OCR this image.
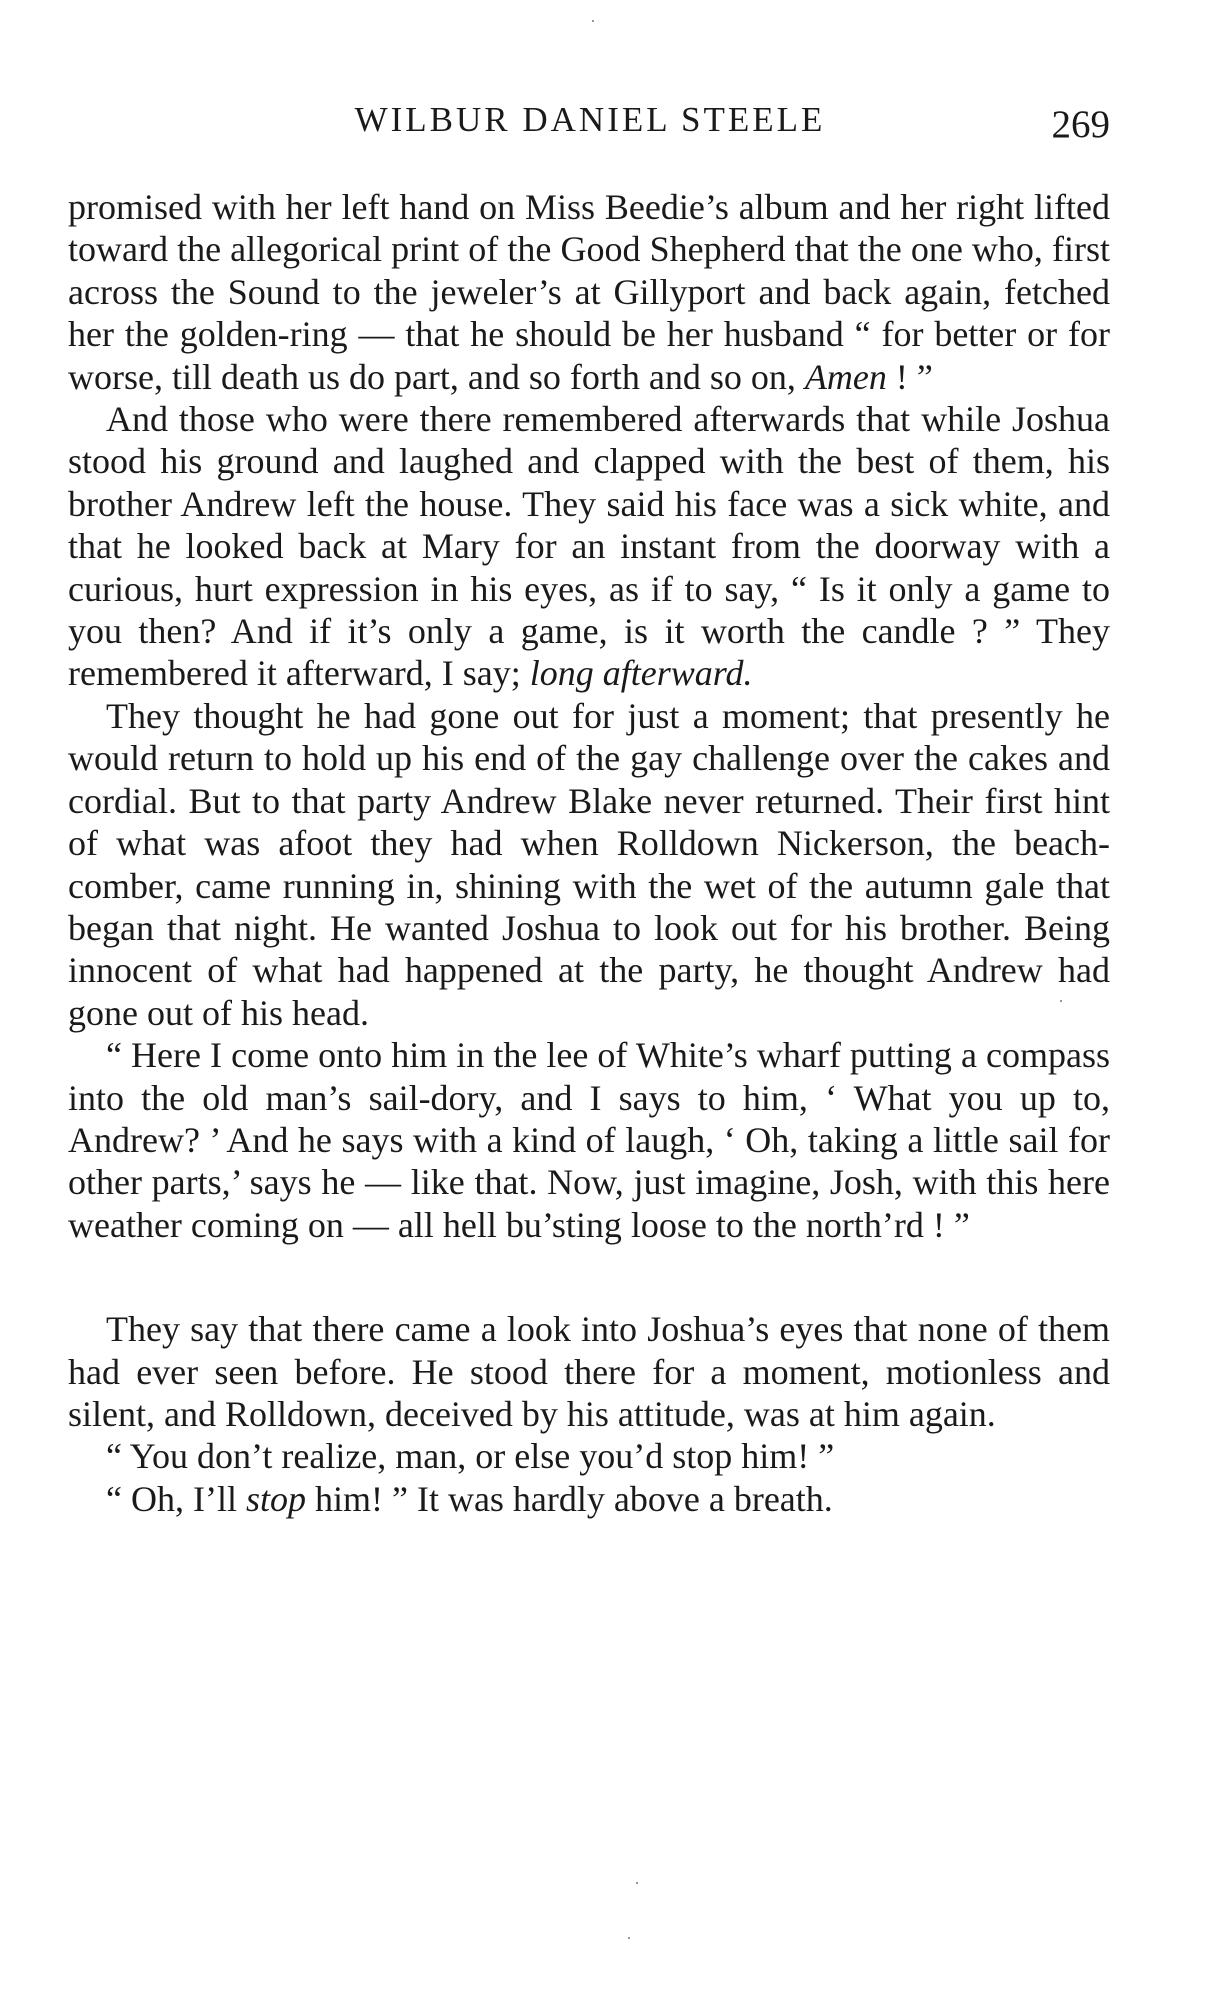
WILBUR DANIEL STEELE	269

promised with her left hand on Miss Beedie’s album and her right lifted toward the allegorical print of the Good Shepherd that the one who, first across the Sound to the jeweler’s at Gillyport and back again, fetched her the golden-ring — that he should be her husband “ for better or for worse, till death us do part, and so forth and so on, Amen ! ”

And those who were there remembered afterwards that while Joshua stood his ground and laughed and clapped with the best of them, his brother Andrew left the house. They said his face was a sick white, and that he looked back at Mary for an instant from the doorway with a curious, hurt expression in his eyes, as if to say, “ Is it only a game to you then? And if it’s only a game, is it worth the candle ? ” They remembered it afterward, I say; long afterward.

They thought he had gone out for just a moment; that presently he would return to hold up his end of the gay challenge over the cakes and cordial. But to that party Andrew Blake never returned. Their first hint of what was afoot they had when Rolldown Nickerson, the beach-comber, came running in, shining with the wet of the autumn gale that began that night. He wanted Joshua to look out for his brother. Being innocent of what had happened at the party, he thought Andrew had gone out of his head.

“ Here I come onto him in the lee of White’s wharf putting a compass into the old man’s sail-dory, and I says to him, ‘ What you up to, Andrew? ’ And he says with a kind of laugh, ‘ Oh, taking a little sail for other parts,’ says he — like that. Now, just imagine, Josh, with this here weather coming on — all hell bu’sting loose to the north’rd ! ”

They say that there came a look into Joshua’s eyes that none of them had ever seen before. He stood there for a moment, motionless and silent, and Rolldown, deceived by his attitude, was at him again.

“ You don’t realize, man, or else you’d stop him! ”

“ Oh, I’ll stop him! ” It was hardly above a breath.
